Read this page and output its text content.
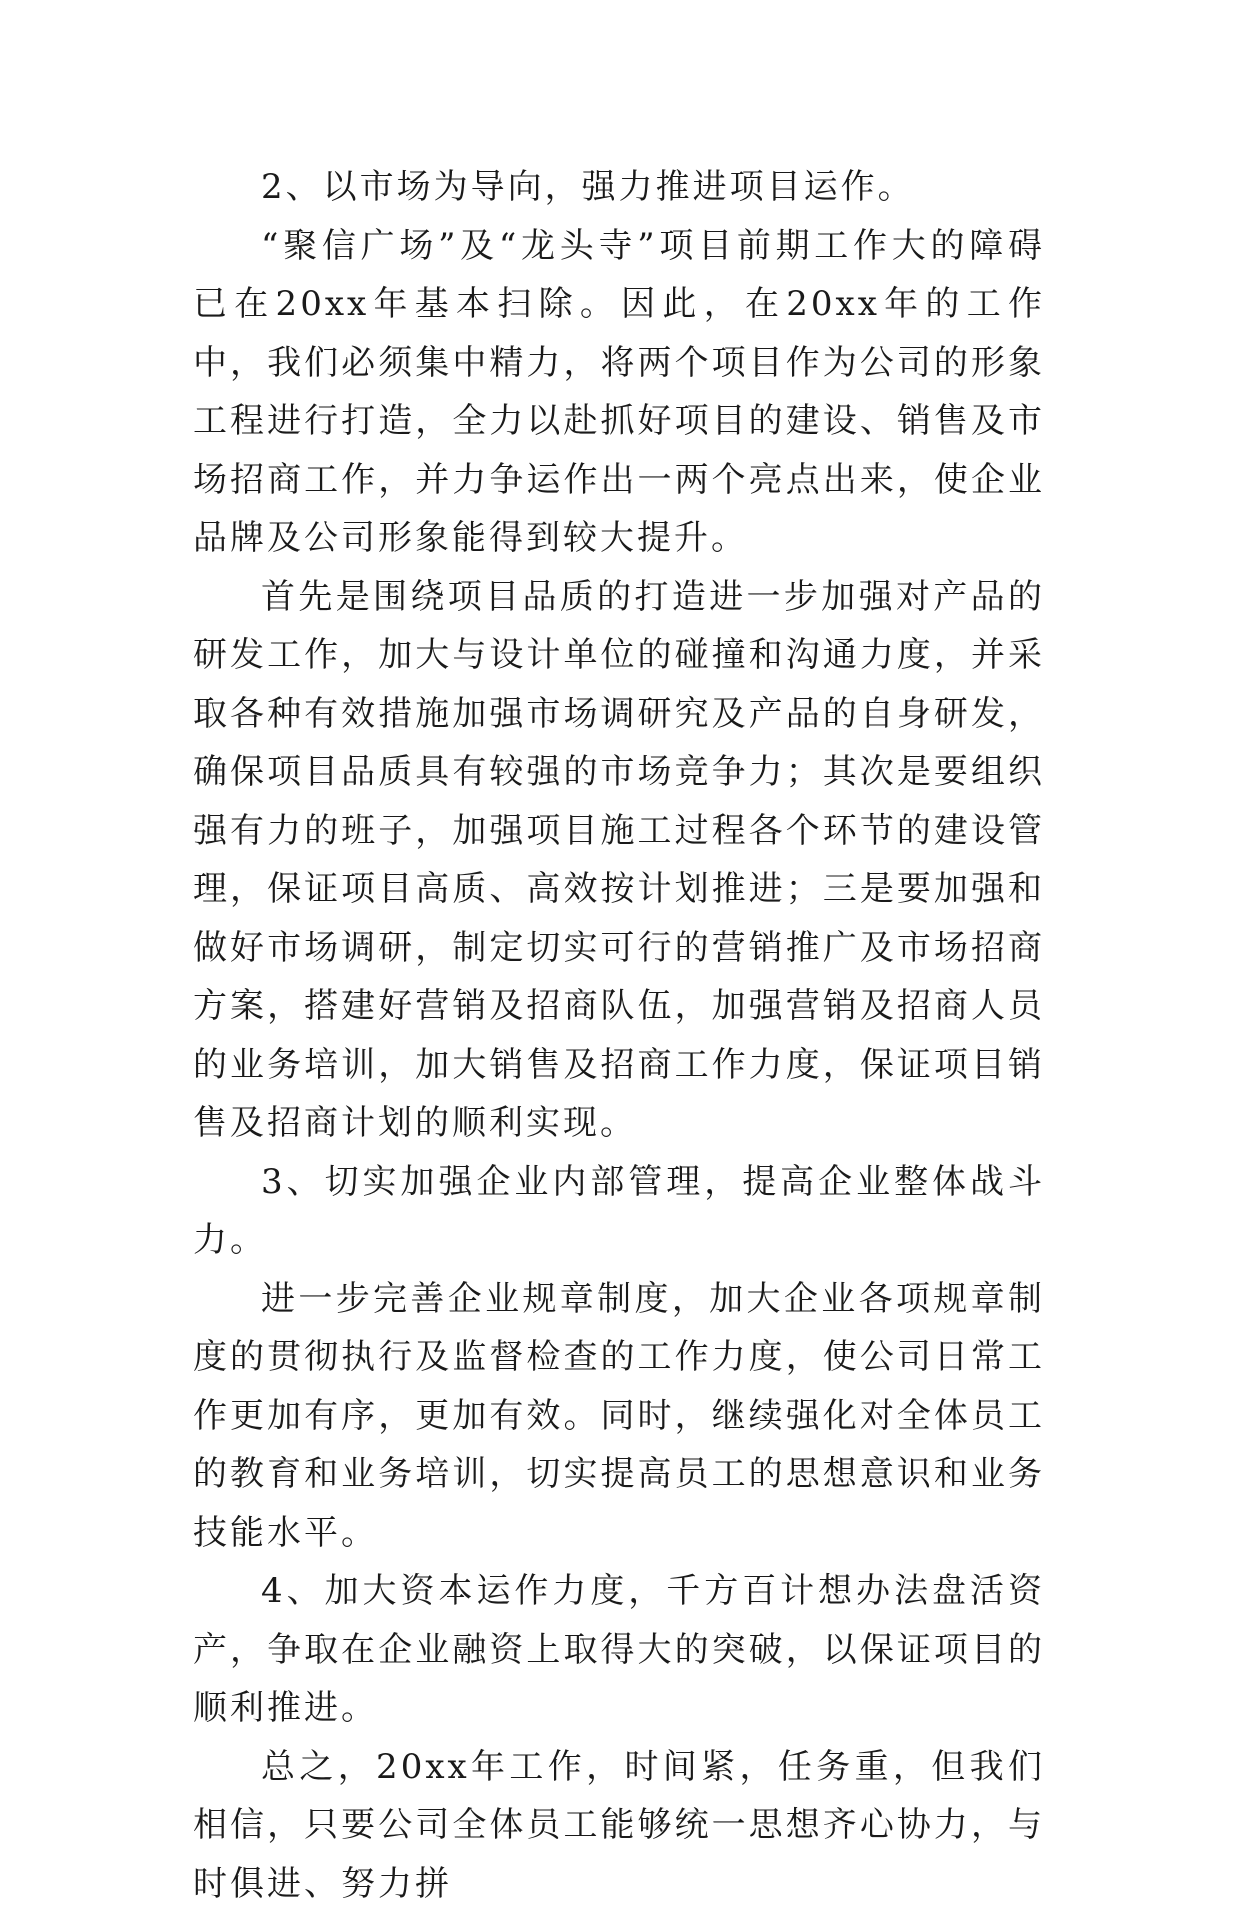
2、以市场为导向，强力推进项目运作。

“聚信广场”及“龙头寺”项目前期工作大的障碍已在20xx年基本扫除。因此，在20xx年的工作中，我们必须集中精力，将两个项目作为公司的形象工程进行打造，全力以赴抓好项目的建设、销售及市场招商工作，并力争运作出一两个亮点出来，使企业品牌及公司形象能得到较大提升。

首先是围绕项目品质的打造进一步加强对产品的研发工作，加大与设计单位的碰撞和沟通力度，并采取各种有效措施加强市场调研究及产品的自身研发，确保项目品质具有较强的市场竞争力；其次是要组织强有力的班子，加强项目施工过程各个环节的建设管理，保证项目高质、高效按计划推进；三是要加强和做好市场调研，制定切实可行的营销推广及市场招商方案，搭建好营销及招商队伍，加强营销及招商人员的业务培训，加大销售及招商工作力度，保证项目销售及招商计划的顺利实现。

3、切实加强企业内部管理，提高企业整体战斗力。

进一步完善企业规章制度，加大企业各项规章制度的贯彻执行及监督检查的工作力度，使公司日常工作更加有序，更加有效。同时，继续强化对全体员工的教育和业务培训，切实提高员工的思想意识和业务技能水平。

4、加大资本运作力度，千方百计想办法盘活资产，争取在企业融资上取得大的突破，以保证项目的顺利推进。

总之，20xx年工作，时间紧，任务重，但我们相信，只要公司全体员工能够统一思想齐心协力，与时俱进、努力拼
